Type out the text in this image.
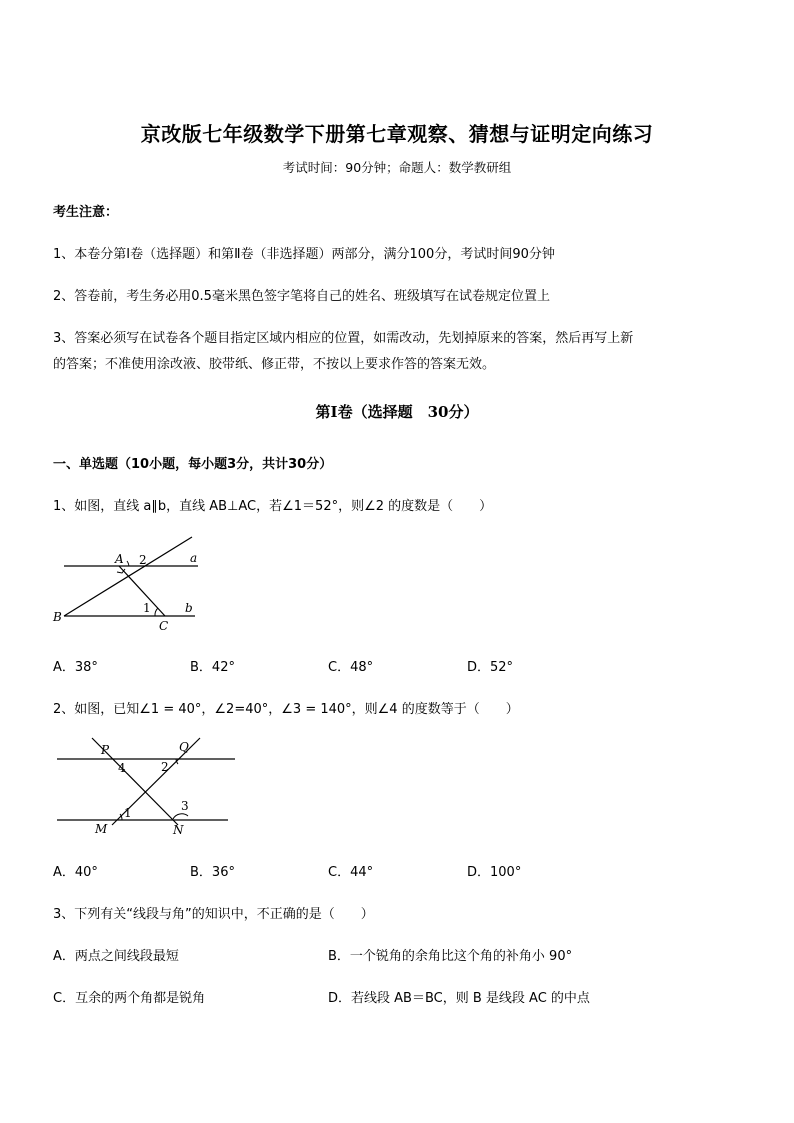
京改版七年级数学下册第七章观察、猜想与证明定向练习
考试时间：90分钟；命题人：数学教研组
考生注意：
1、本卷分第Ⅰ卷（选择题）和第Ⅱ卷（非选择题）两部分，满分100分，考试时间90分钟
2、答卷前，考生务必用0.5毫米黑色签字笔将自己的姓名、班级填写在试卷规定位置上
3、答案必须写在试卷各个题目指定区域内相应的位置，如需改动，先划掉原来的答案，然后再写上新
的答案；不准使用涂改液、胶带纸、修正带，不按以上要求作答的答案无效。
第Ⅰ卷（选择题　30分）
一、单选题（10小题，每小题3分，共计30分）
1、如图，直线 a∥b，直线 AB⊥AC，若∠1＝52°，则∠2 的度数是（　　）
A
B
C
a
b
1
2
A．38°	B．42°	C．48°	D．52°
2、如图，已知∠1 = 40°，∠2=40°，∠3 = 140°，则∠4 的度数等于（　　）
P	Q
M	N
1
2
3
4
A．40°	B．36°	C．44°	D．100°
3、下列有关“线段与角”的知识中，不正确的是（　　）
A．两点之间线段最短	B．一个锐角的余角比这个角的补角小 90°
C．互余的两个角都是锐角	D．若线段 AB＝BC，则 B 是线段 AC 的中点
